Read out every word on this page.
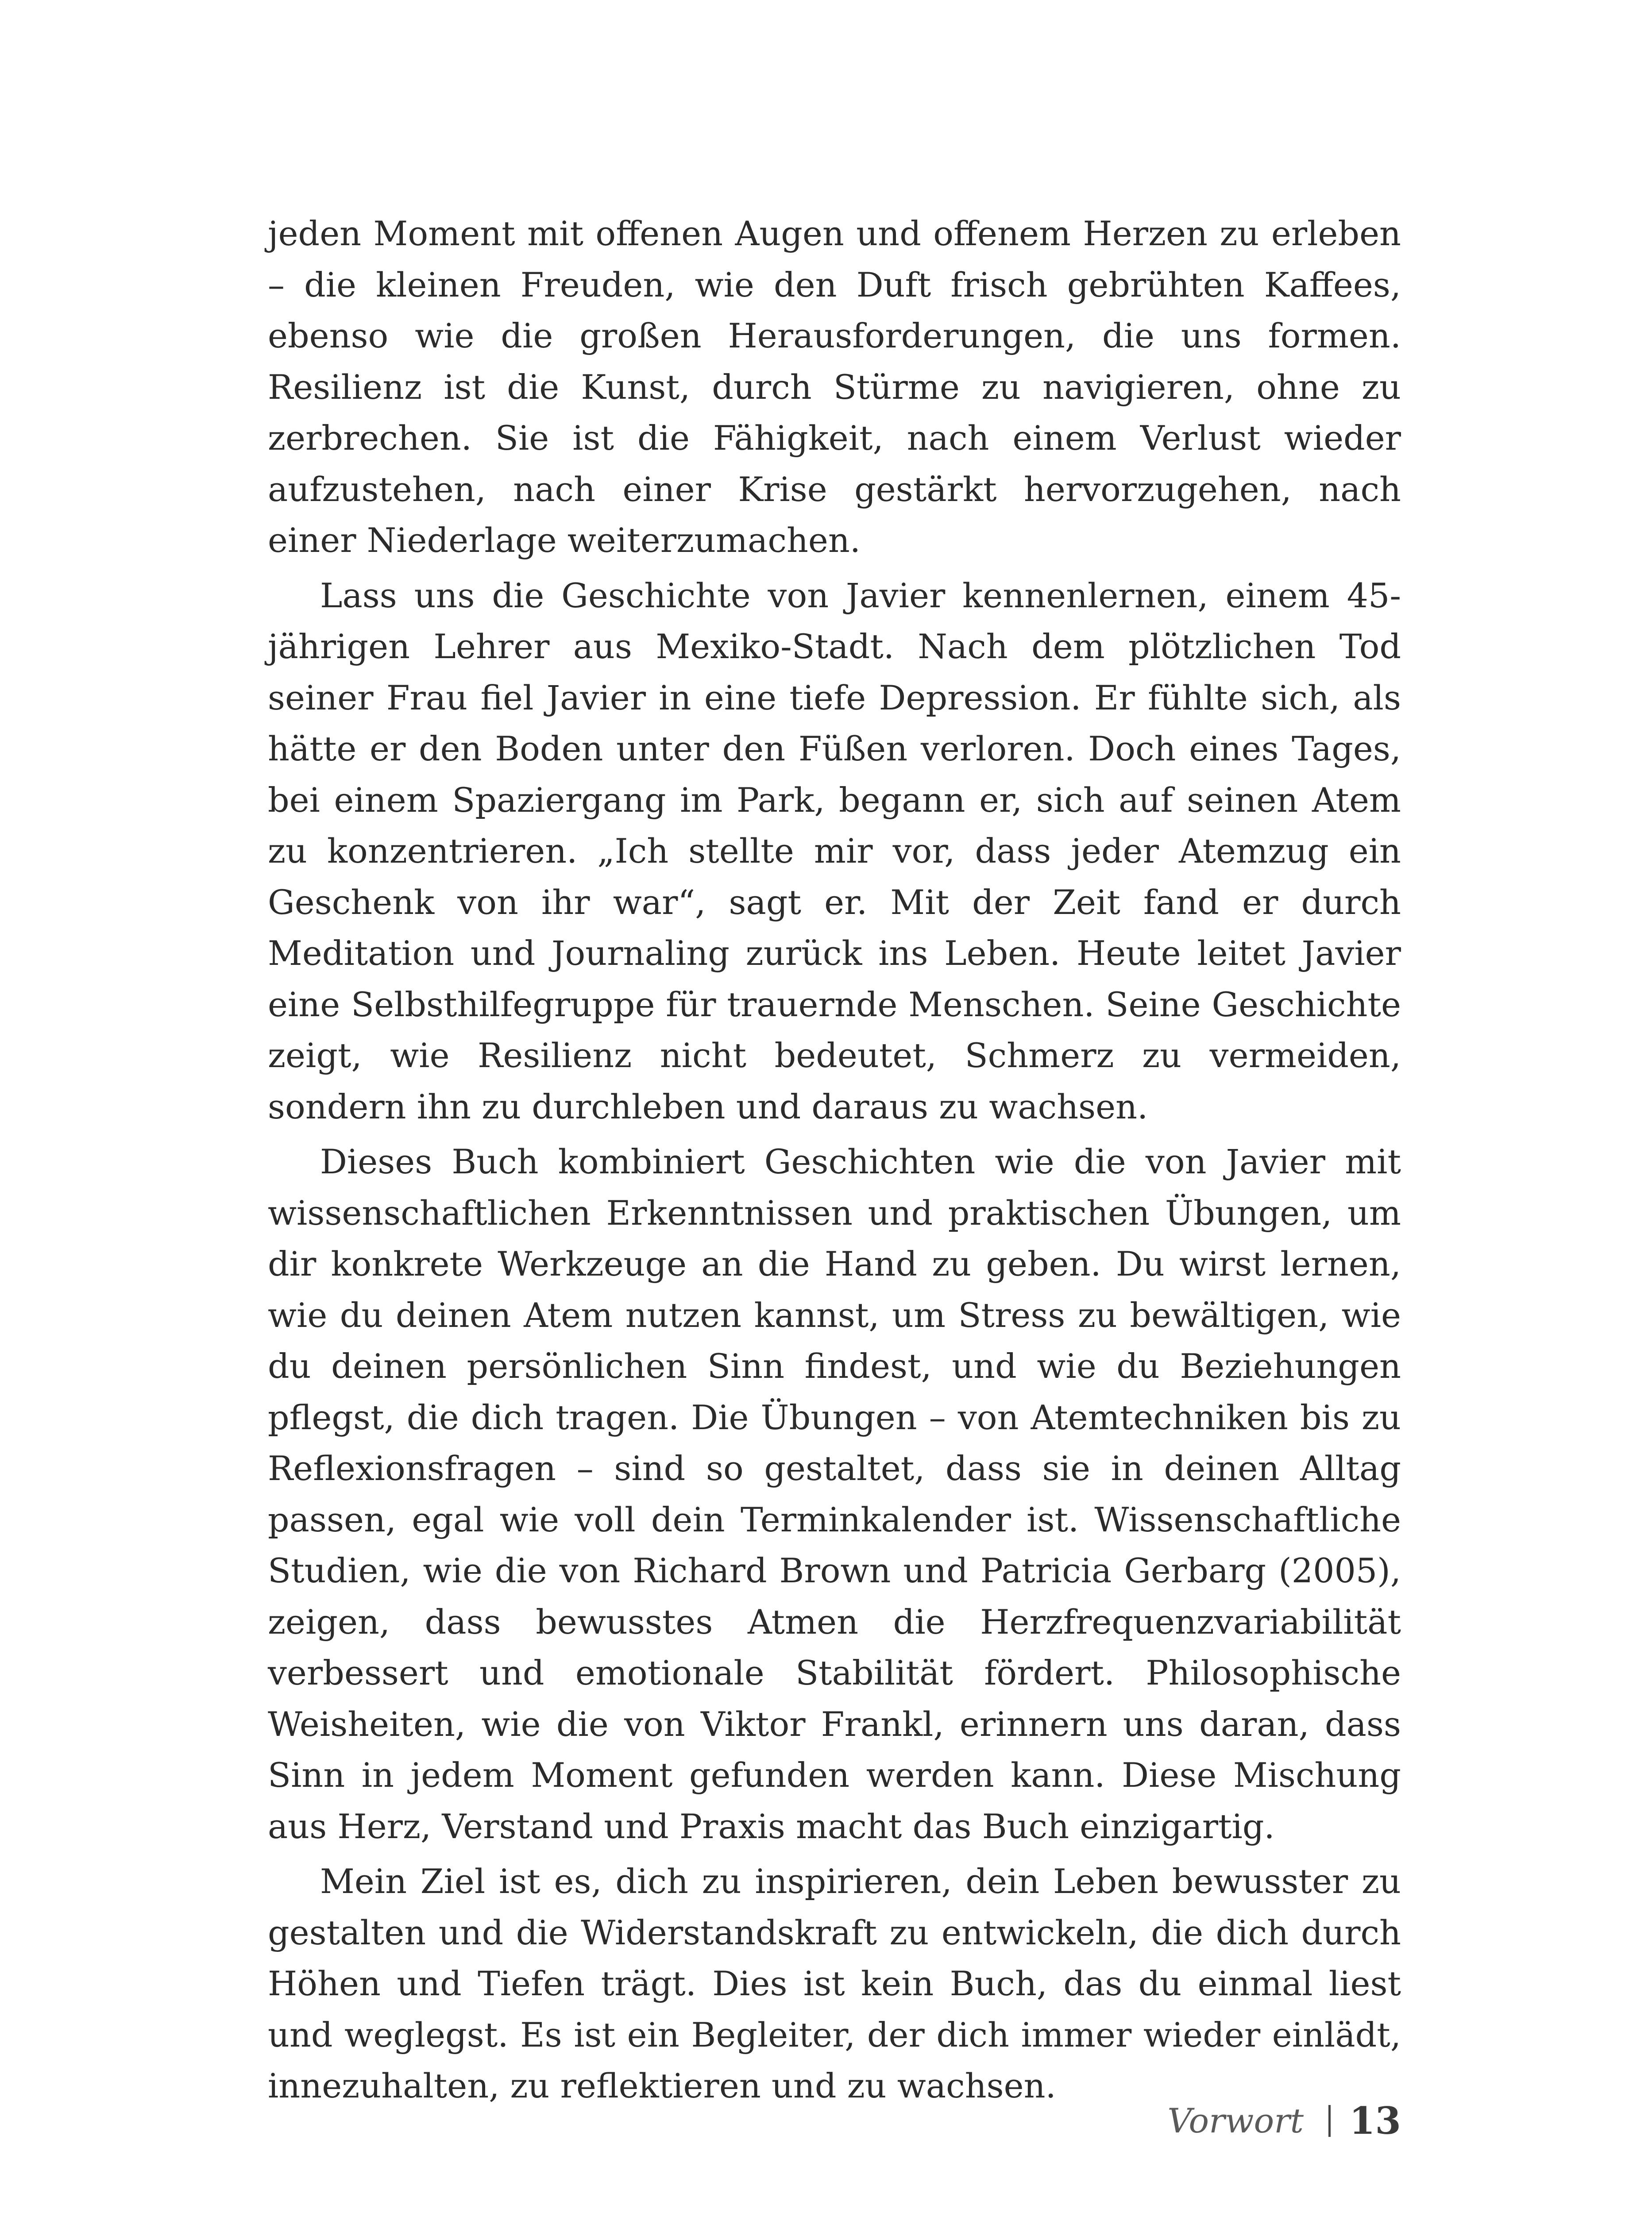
jeden Moment mit offenen Augen und offenem Herzen zu erleben – die kleinen Freuden, wie den Duft frisch gebrühten Kaffees, ebenso wie die großen Herausforderungen, die uns formen. Resilienz ist die Kunst, durch Stürme zu navigieren, ohne zu zerbrechen. Sie ist die Fähigkeit, nach einem Verlust wieder aufzustehen, nach einer Krise gestärkt hervorzugehen, nach einer Niederlage weiterzumachen.

Lass uns die Geschichte von Javier kennenlernen, einem 45-jährigen Lehrer aus Mexiko-Stadt. Nach dem plötzlichen Tod seiner Frau fiel Javier in eine tiefe Depression. Er fühlte sich, als hätte er den Boden unter den Füßen verloren. Doch eines Tages, bei einem Spaziergang im Park, begann er, sich auf seinen Atem zu konzentrieren. „Ich stellte mir vor, dass jeder Atemzug ein Geschenk von ihr war“, sagt er. Mit der Zeit fand er durch Meditation und Journaling zurück ins Leben. Heute leitet Javier eine Selbsthilfegruppe für trauernde Menschen. Seine Geschichte zeigt, wie Resilienz nicht bedeutet, Schmerz zu vermeiden, sondern ihn zu durchleben und daraus zu wachsen.

Dieses Buch kombiniert Geschichten wie die von Javier mit wissenschaftlichen Erkenntnissen und praktischen Übungen, um dir konkrete Werkzeuge an die Hand zu geben. Du wirst lernen, wie du deinen Atem nutzen kannst, um Stress zu bewältigen, wie du deinen persönlichen Sinn findest, und wie du Beziehungen pflegst, die dich tragen. Die Übungen – von Atemtechniken bis zu Reflexionsfragen – sind so gestaltet, dass sie in deinen Alltag passen, egal wie voll dein Terminkalender ist. Wissenschaftliche Studien, wie die von Richard Brown und Patricia Gerbarg (2005), zeigen, dass bewusstes Atmen die Herzfrequenzvariabilität verbessert und emotionale Stabilität fördert. Philosophische Weisheiten, wie die von Viktor Frankl, erinnern uns daran, dass Sinn in jedem Moment gefunden werden kann. Diese Mischung aus Herz, Verstand und Praxis macht das Buch einzigartig.

Mein Ziel ist es, dich zu inspirieren, dein Leben bewusster zu gestalten und die Widerstandskraft zu entwickeln, die dich durch Höhen und Tiefen trägt. Dies ist kein Buch, das du einmal liest und weglegst. Es ist ein Begleiter, der dich immer wieder einlädt, innezuhalten, zu reflektieren und zu wachsen.

Vorwort 13
